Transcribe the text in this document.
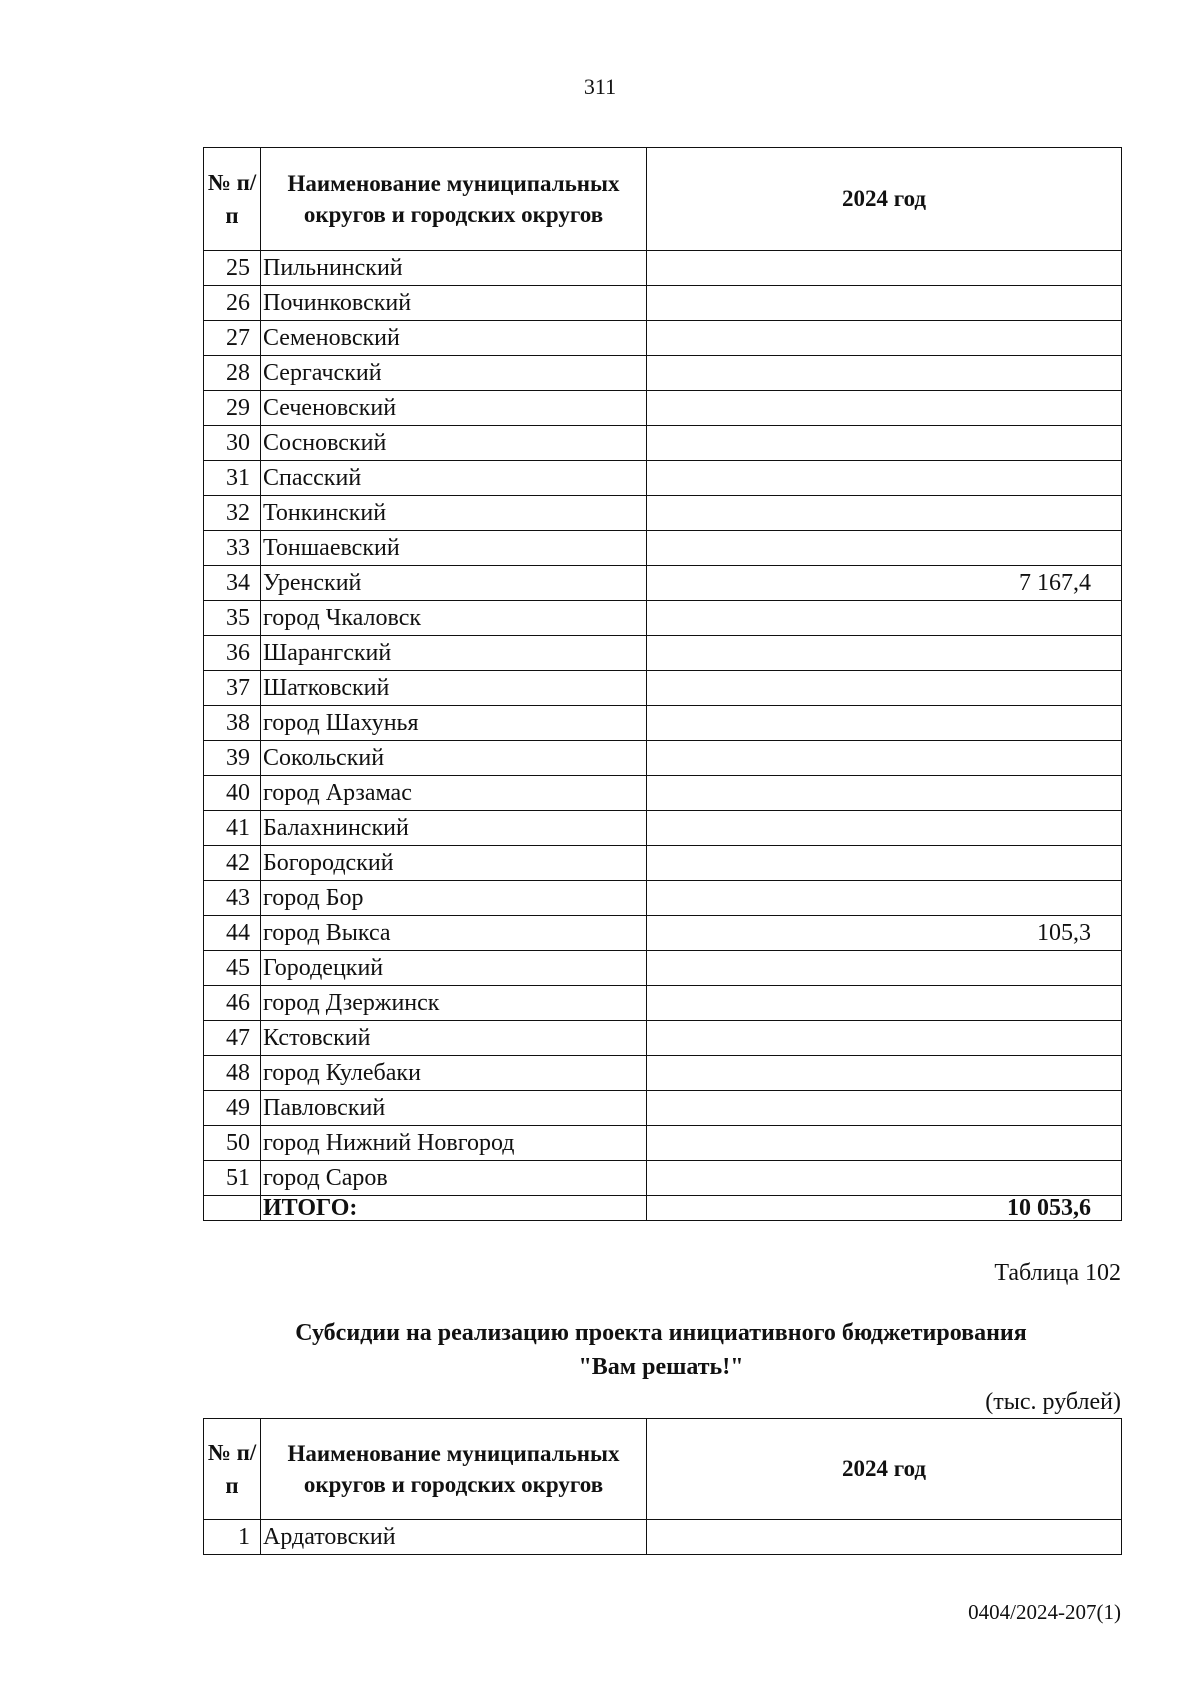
311
№ п/п	Наименование муниципальных округов и городских округов	2024 год
25	Пильнинский	
26	Починковский	
27	Семеновский	
28	Сергачский	
29	Сеченовский	
30	Сосновский	
31	Спасский	
32	Тонкинский	
33	Тоншаевский	
34	Уренский	7 167,4
35	город Чкаловск	
36	Шарангский	
37	Шатковский	
38	город Шахунья	
39	Сокольский	
40	город Арзамас	
41	Балахнинский	
42	Богородский	
43	город Бор	
44	город Выкса	105,3
45	Городецкий	
46	город Дзержинск	
47	Кстовский	
48	город Кулебаки	
49	Павловский	
50	город Нижний Новгород	
51	город Саров	
	ИТОГО:	10 053,6
Таблица 102
Субсидии на реализацию проекта инициативного бюджетирования
"Вам решать!"
(тыс. рублей)
№ п/п	Наименование муниципальных округов и городских округов	2024 год
1	Ардатовский	
0404/2024-207(1)
